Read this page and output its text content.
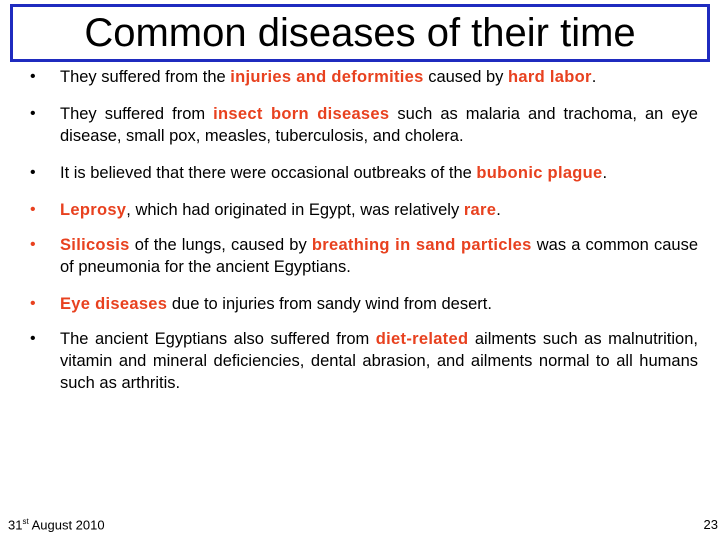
Common diseases of their time
•	They suffered from the injuries and deformities caused by hard labor.
•	They suffered from insect born diseases such as malaria and trachoma, an eye disease, small pox, measles, tuberculosis, and cholera.
•	It is believed that there were occasional outbreaks of the bubonic plague.
•	Leprosy, which had originated in Egypt, was relatively rare.
•	Silicosis of the lungs, caused by breathing in sand particles was a common cause of pneumonia for the ancient Egyptians.
•	Eye diseases due to injuries from sandy wind from desert.
•	The ancient Egyptians also suffered from diet-related ailments such as malnutrition, vitamin and mineral deficiencies, dental abrasion, and ailments normal to all humans such as arthritis.
31st August 2010	23
